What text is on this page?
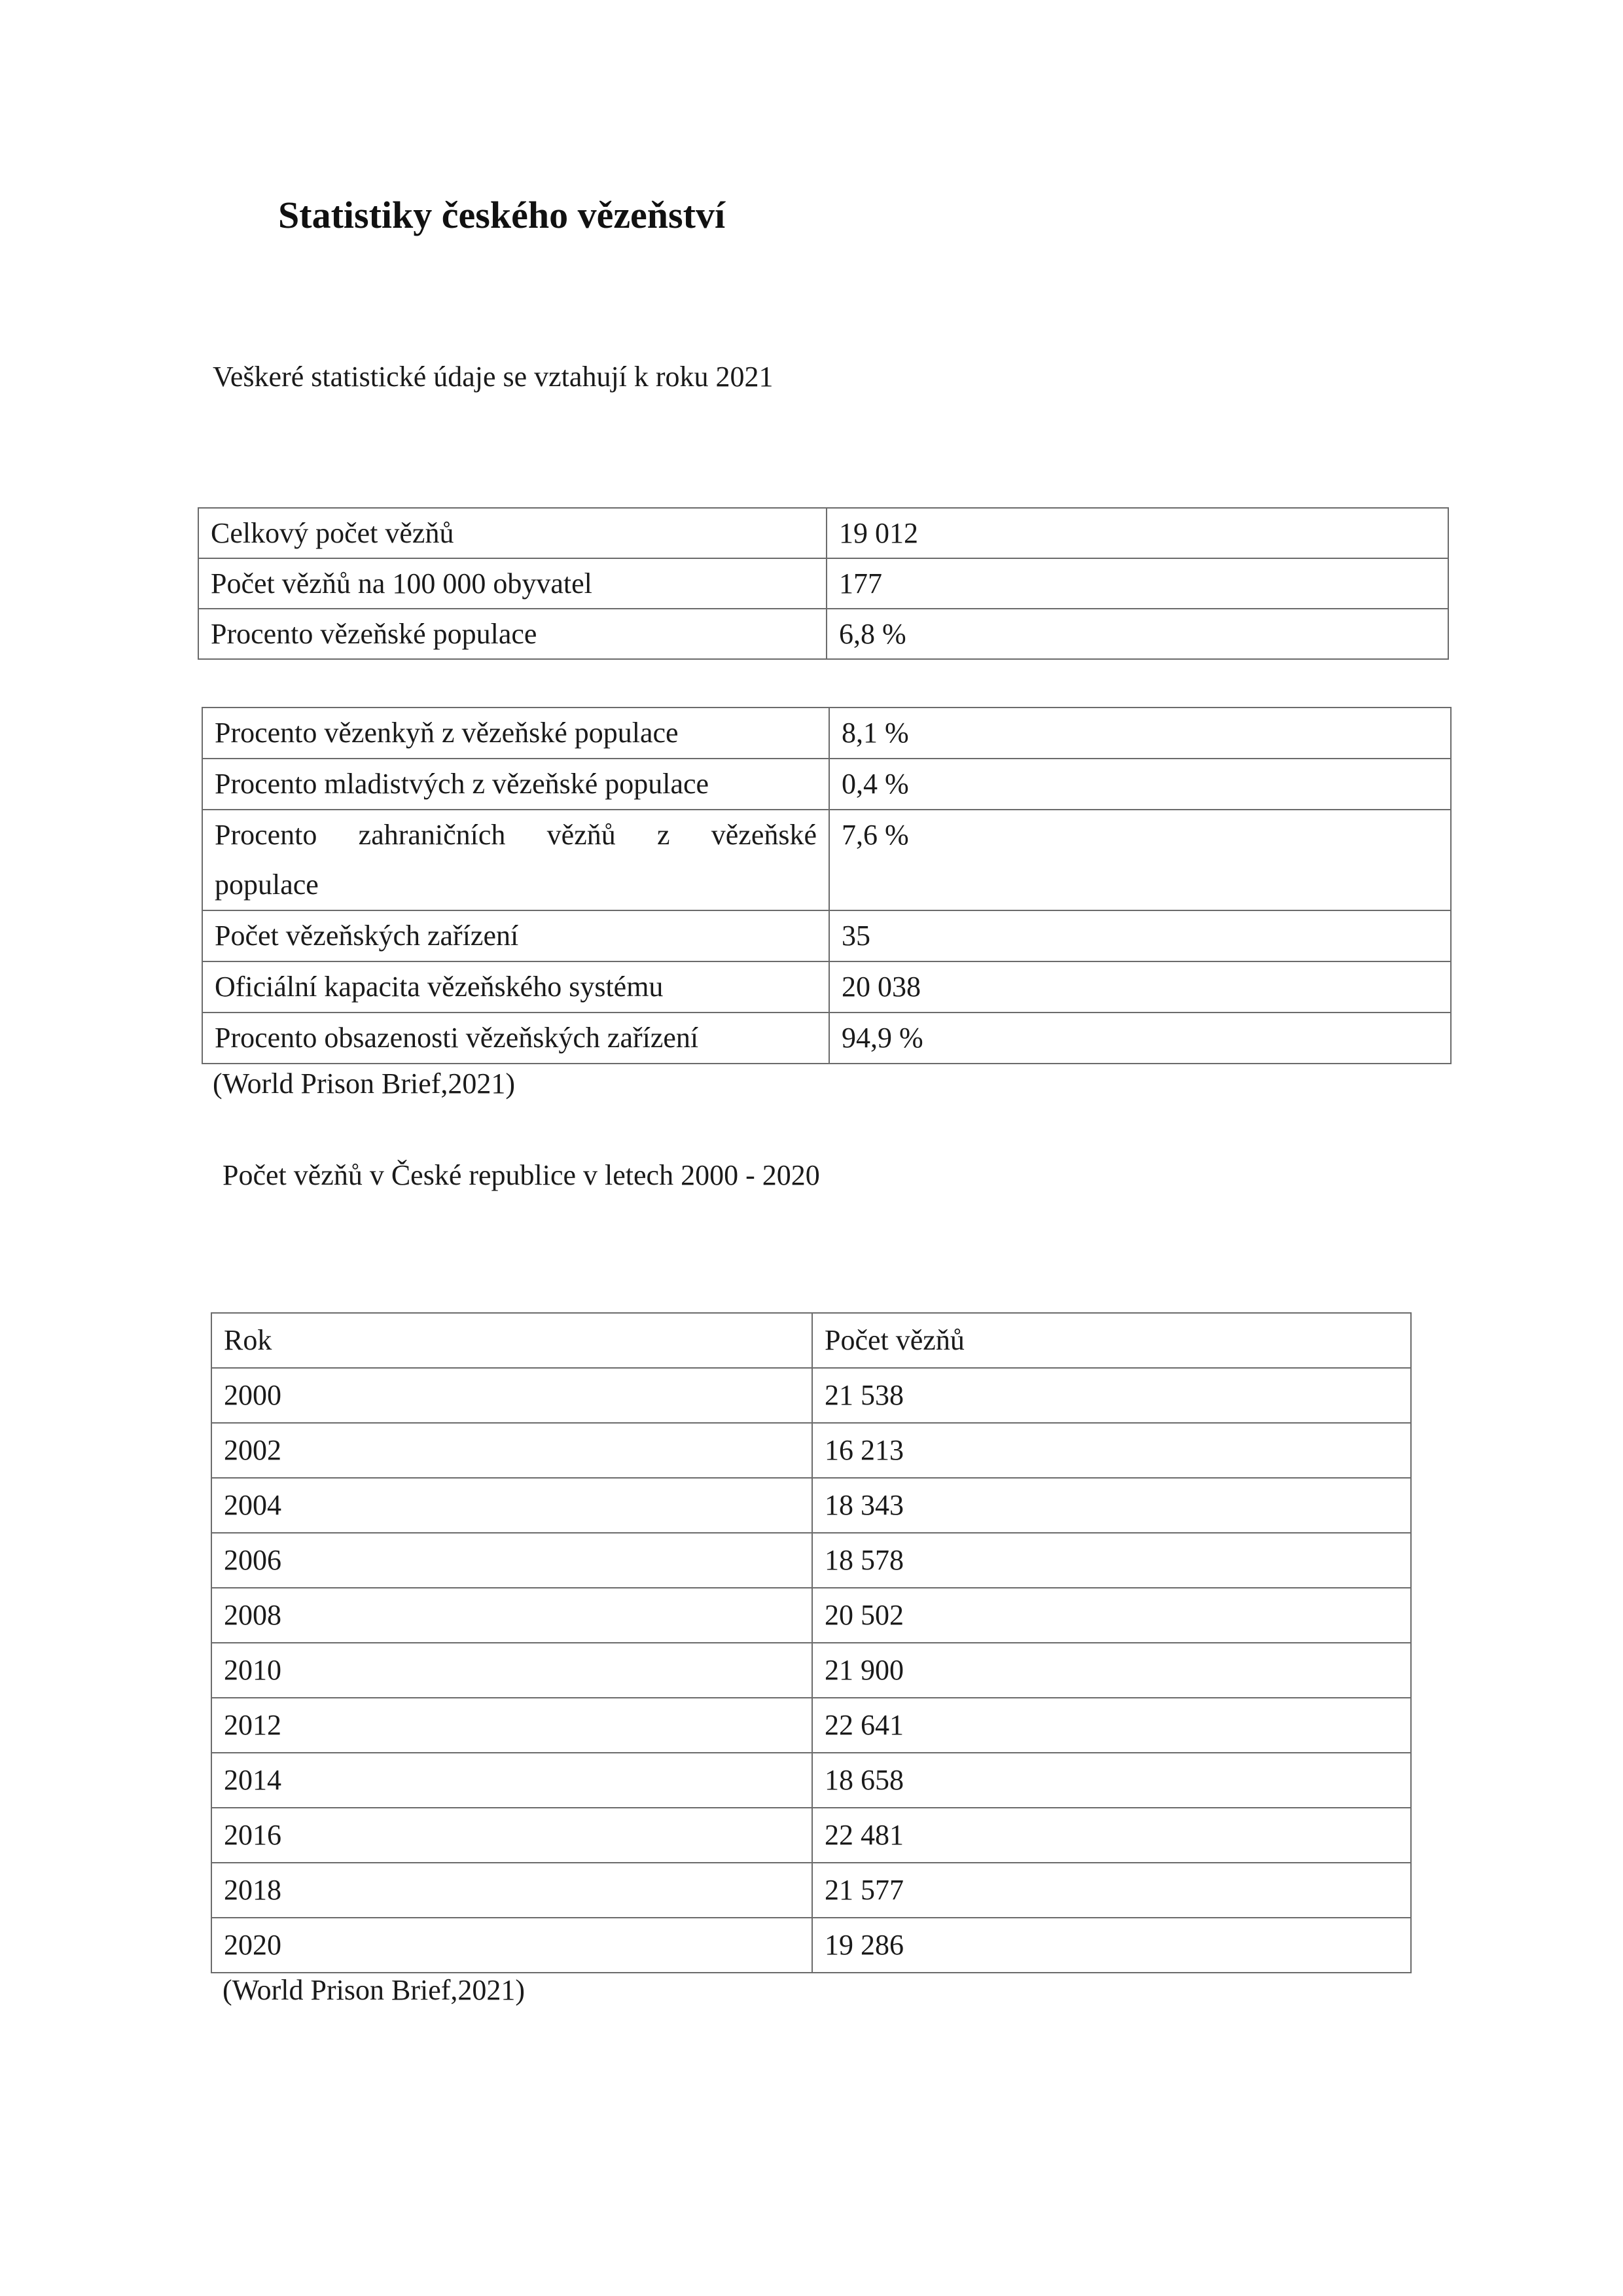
Statistiky českého vězeňství

Veškeré statistické údaje se vztahují k roku 2021

Celkový počet vězňů	19 012
Počet vězňů na 100 000 obyvatel	177
Procento vězeňské populace	6,8 %
Procento vězenkyň z vězeňské populace	8,1 %
Procento mladistvých z vězeňské populace	0,4 %
Procento zahraničních vězňů z vězeňské
populace	7,6 %
Počet vězeňských zařízení	35
Oficiální kapacita vězeňského systému	20 038
Procento obsazenosti vězeňských zařízení	94,9 %

(World Prison Brief,2021)

Počet vězňů v České republice v letech 2000 - 2020

Rok	Počet vězňů
2000	21 538
2002	16 213
2004	18 343
2006	18 578
2008	20 502
2010	21 900
2012	22 641
2014	18 658
2016	22 481
2018	21 577
2020	19 286

(World Prison Brief,2021)
